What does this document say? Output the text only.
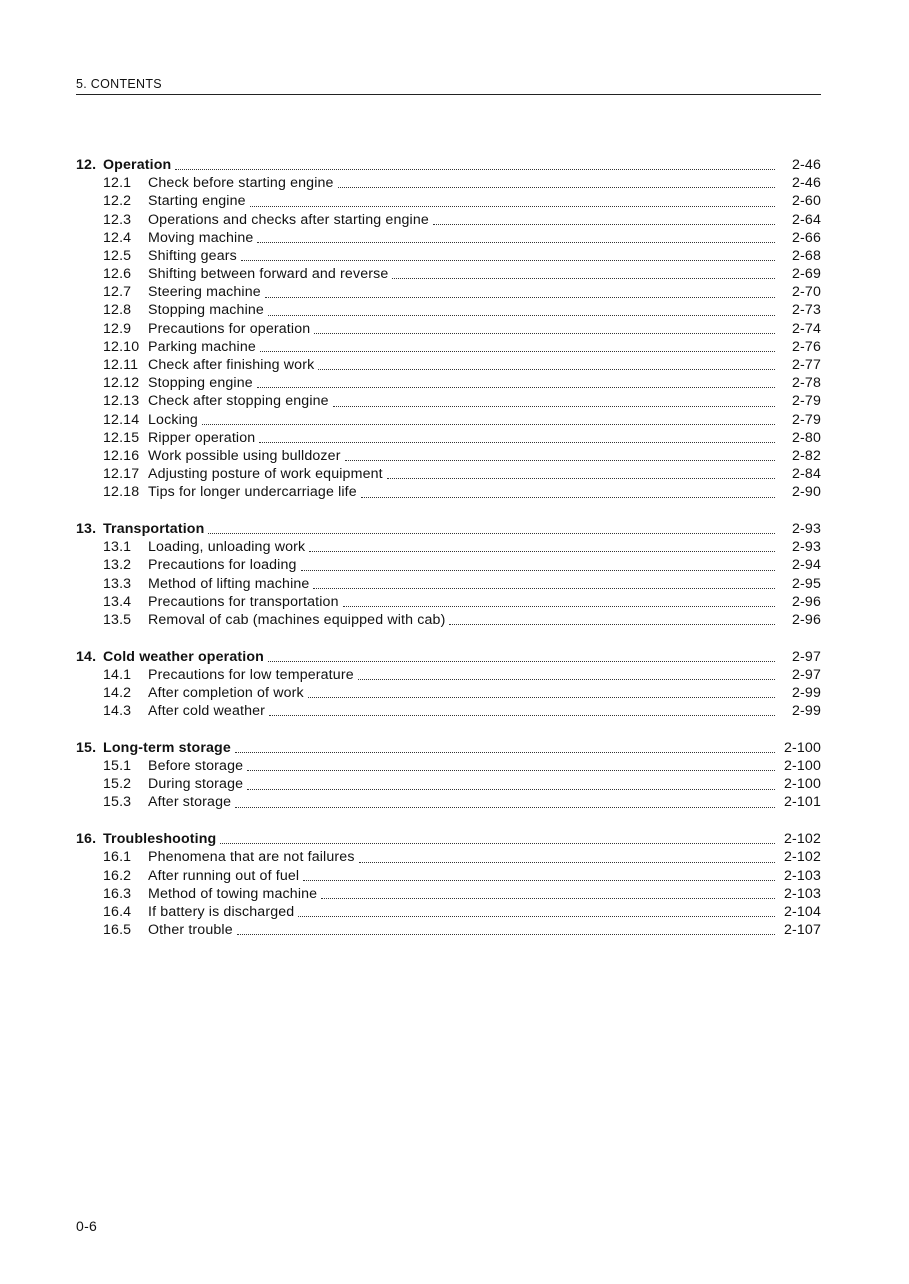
5. CONTENTS
12. Operation	2-46
12.1	Check before starting engine	2-46
12.2	Starting engine	2-60
12.3	Operations and checks after starting engine	2-64
12.4	Moving machine	2-66
12.5	Shifting gears	2-68
12.6	Shifting between forward and reverse	2-69
12.7	Steering machine	2-70
12.8	Stopping machine	2-73
12.9	Precautions for operation	2-74
12.10 Parking machine	2-76
12.11 Check after finishing work	2-77
12.12 Stopping engine	2-78
12.13 Check after stopping engine	2-79
12.14 Locking	2-79
12.15 Ripper operation	2-80
12.16 Work possible using bulldozer	2-82
12.17 Adjusting posture of work equipment	2-84
12.18 Tips for longer undercarriage life	2-90
13. Transportation	2-93
13.1	Loading, unloading work	2-93
13.2	Precautions for loading	2-94
13.3	Method of lifting machine	2-95
13.4	Precautions for transportation	2-96
13.5	Removal of cab (machines equipped with cab)	2-96
14. Cold weather operation	2-97
14.1	Precautions for low temperature	2-97
14.2	After completion of work	2-99
14.3	After cold weather	2-99
15. Long-term storage	2-100
15.1	Before storage	2-100
15.2	During storage	2-100
15.3	After storage	2-101
16. Troubleshooting	2-102
16.1	Phenomena that are not failures	2-102
16.2	After running out of fuel	2-103
16.3	Method of towing machine	2-103
16.4	If battery is discharged	2-104
16.5	Other trouble	2-107
0-6
